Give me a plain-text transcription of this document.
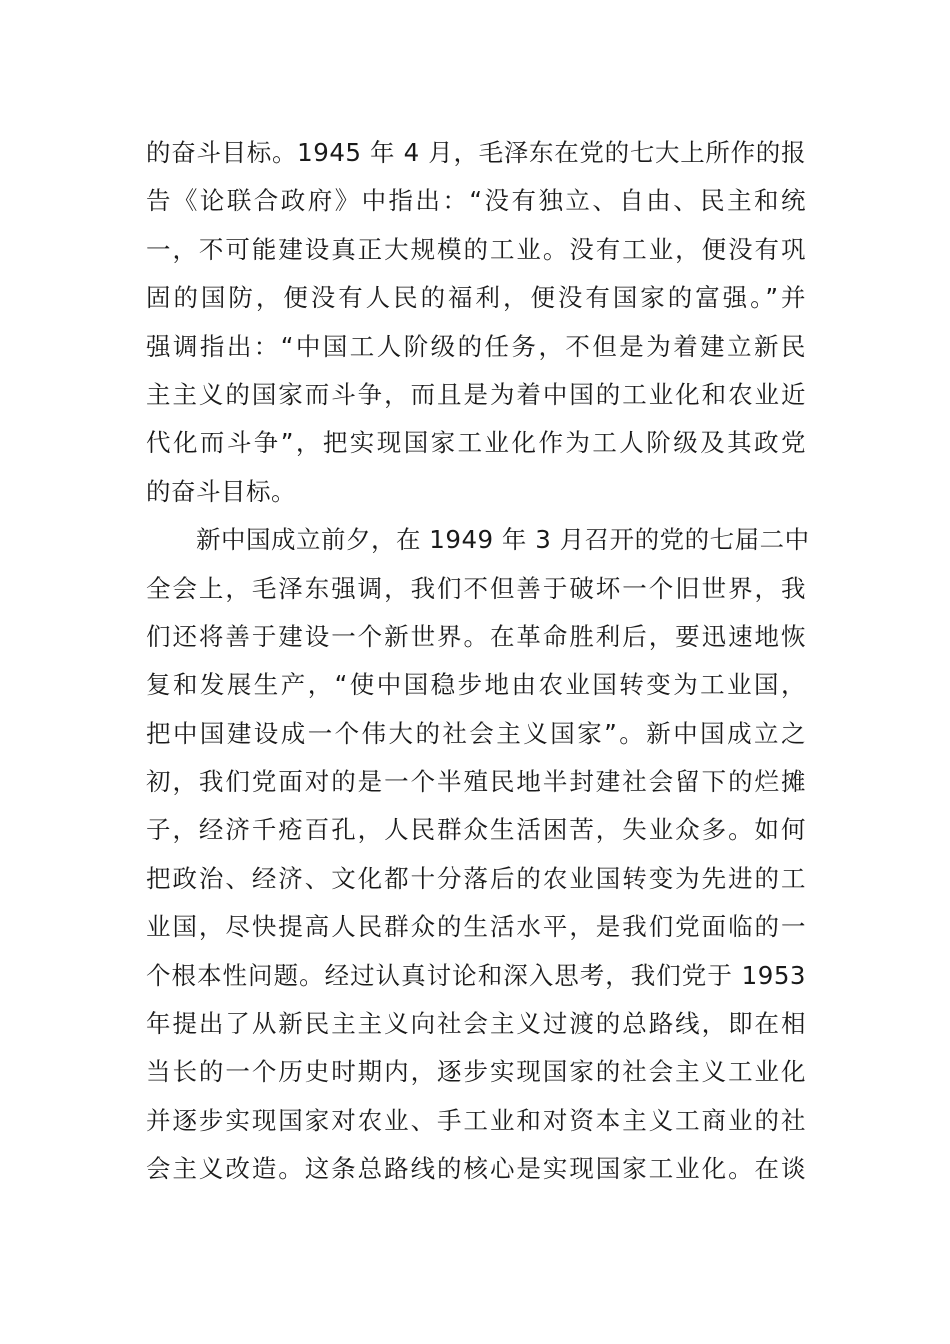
的奋斗目标。1945 年 4 月，毛泽东在党的七大上所作的报
告《论联合政府》中指出：“没有独立、自由、民主和统
一，不可能建设真正大规模的工业。没有工业，便没有巩
固的国防，便没有人民的福利，便没有国家的富强。”并
强调指出：“中国工人阶级的任务，不但是为着建立新民
主主义的国家而斗争，而且是为着中国的工业化和农业近
代化而斗争”，把实现国家工业化作为工人阶级及其政党
的奋斗目标。
新中国成立前夕，在 1949 年 3 月召开的党的七届二中
全会上，毛泽东强调，我们不但善于破坏一个旧世界，我
们还将善于建设一个新世界。在革命胜利后，要迅速地恢
复和发展生产，“使中国稳步地由农业国转变为工业国，
把中国建设成一个伟大的社会主义国家”。新中国成立之
初，我们党面对的是一个半殖民地半封建社会留下的烂摊
子，经济千疮百孔，人民群众生活困苦，失业众多。如何
把政治、经济、文化都十分落后的农业国转变为先进的工
业国，尽快提高人民群众的生活水平，是我们党面临的一
个根本性问题。经过认真讨论和深入思考，我们党于 1953
年提出了从新民主主义向社会主义过渡的总路线，即在相
当长的一个历史时期内，逐步实现国家的社会主义工业化
并逐步实现国家对农业、手工业和对资本主义工商业的社
会主义改造。这条总路线的核心是实现国家工业化。在谈
